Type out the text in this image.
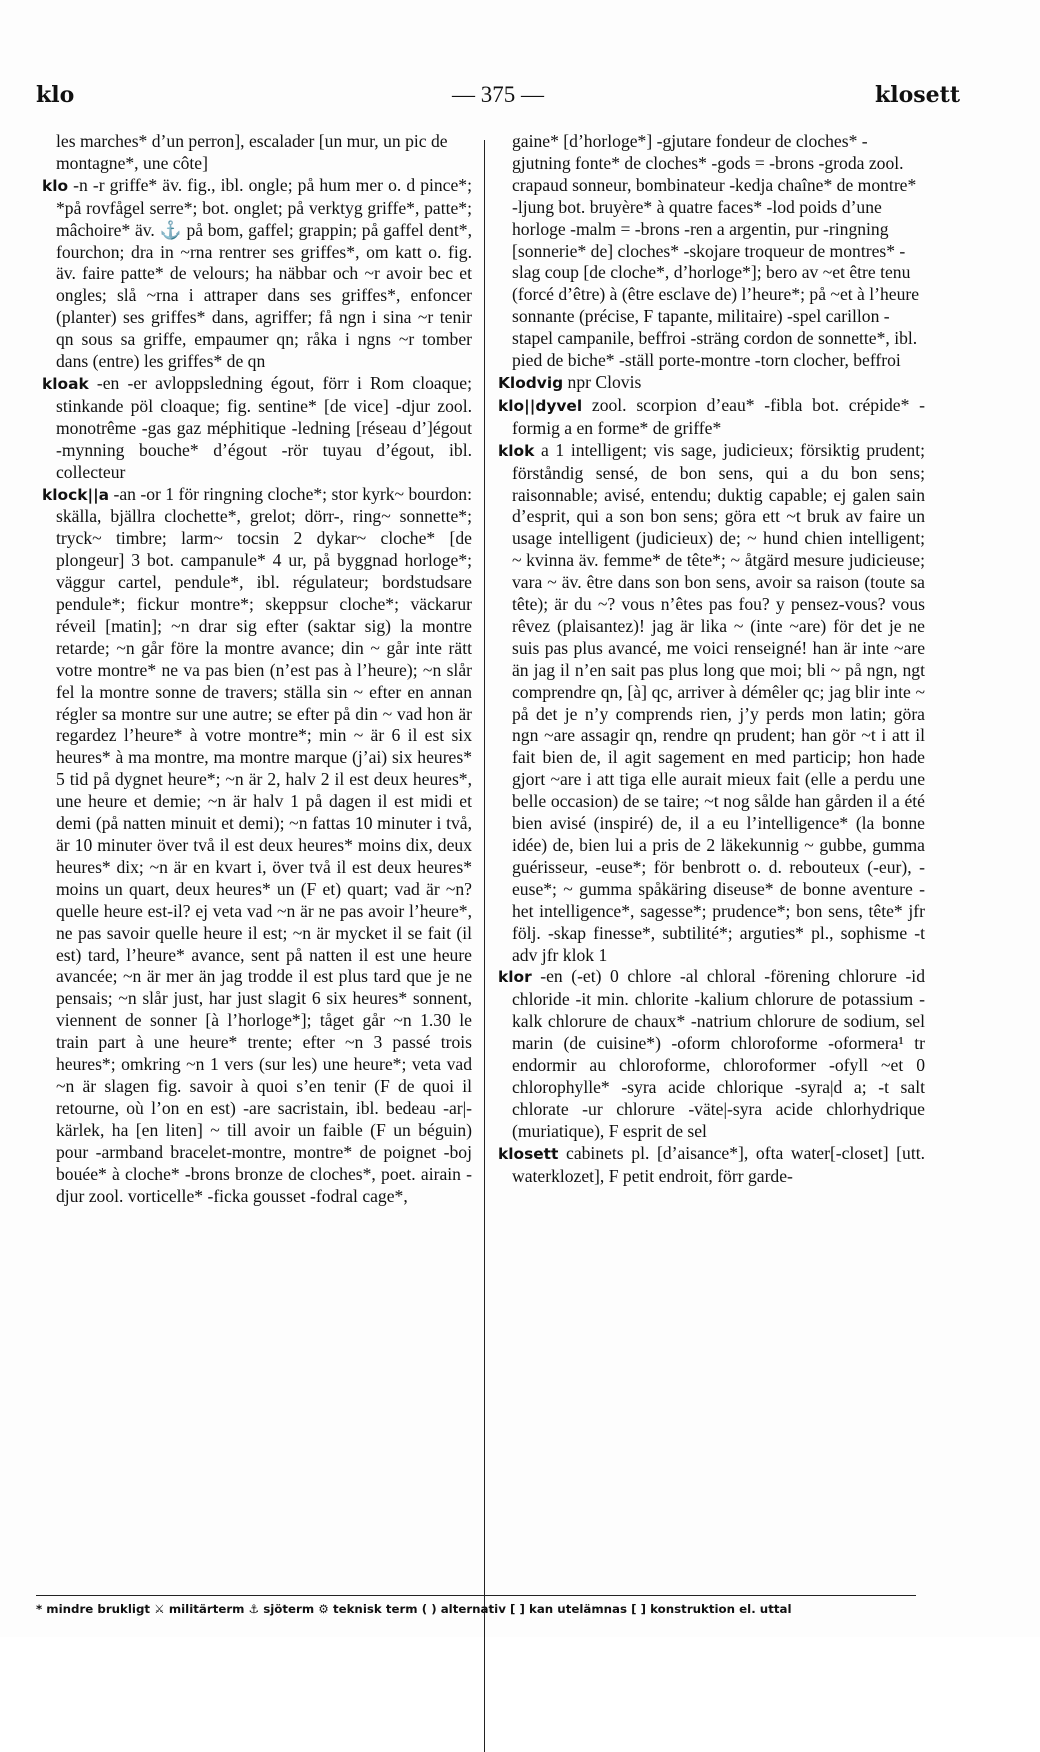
klo	— 375 —	klosett
les marches* d’un perron], escalader [un mur, un pic de montagne*, une côte]
klo -n -r griffe* äv. fig., ibl. ongle; på hum mer o. d pince*; *på rovfågel serre*; bot. onglet; på verktyg griffe*, patte*; mâchoire* äv. ⚓ på bom, gaffel; grappin; på gaffel dent*, fourchon; dra in ~rna rentrer ses griffes*, om katt o. fig. äv. faire patte* de velours; ha näbbar och ~r avoir bec et ongles; slå ~rna i attraper dans ses griffes*, enfoncer (planter) ses griffes* dans, agriffer; få ngn i sina ~r tenir qn sous sa griffe, empaumer qn; råka i ngns ~r tomber dans (entre) les griffes* de qn
kloak -en -er avloppsledning égout, förr i Rom cloaque; stinkande pöl cloaque; fig. sentine* [de vice] -djur zool. monotrême -gas gaz méphitique -ledning [réseau d’]égout -mynning bouche* d’égout -rör tuyau d’égout, ibl. collecteur
klock||a -an -or 1 för ringning cloche*; stor kyrk~ bourdon: skälla, bjällra clochette*, grelot; dörr-, ring~ sonnette*; tryck~ timbre; larm~ tocsin 2 dykar~ cloche* [de plongeur] 3 bot. campanule* 4 ur, på byggnad horloge*; väggur cartel, pendule*, ibl. régulateur; bordstudsare pendule*; fickur montre*; skeppsur cloche*; väckarur réveil [matin]; ~n drar sig efter (saktar sig) la montre retarde; ~n går före la montre avance; din ~ går inte rätt votre montre* ne va pas bien (n’est pas à l’heure); ~n slår fel la montre sonne de travers; ställa sin ~ efter en annan régler sa montre sur une autre; se efter på din ~ vad hon är regardez l’heure* à votre montre*; min ~ är 6 il est six heures* à ma montre, ma montre marque (j’ai) six heures* 5 tid på dygnet heure*; ~n är 2, halv 2 il est deux heures*, une heure et demie; ~n är halv 1 på dagen il est midi et demi (på natten minuit et demi); ~n fattas 10 minuter i två, är 10 minuter över två il est deux heures* moins dix, deux heures* dix; ~n är en kvart i, över två il est deux heures* moins un quart, deux heures* un (F et) quart; vad är ~n? quelle heure est-il? ej veta vad ~n är ne pas avoir l’heure*, ne pas savoir quelle heure il est; ~n är mycket il se fait (il est) tard, l’heure* avance, sent på natten il est une heure avancée; ~n är mer än jag trodde il est plus tard que je ne pensais; ~n slår just, har just slagit 6 six heures* sonnent, viennent de sonner [à l’horloge*]; tåget går ~n 1.30 le train part à une heure* trente; efter ~n 3 passé trois heures*; omkring ~n 1 vers (sur les) une heure*; veta vad ~n är slagen fig. savoir à quoi s’en tenir (F de quoi il retourne, où l’on en est) -are sacristain, ibl. bedeau -ar|-kärlek, ha [en liten] ~ till avoir un faible (F un béguin) pour -armband bracelet-montre, montre* de poignet -boj bouée* à cloche* -brons bronze de cloches*, poet. airain -djur zool. vorticelle* -ficka gousset -fodral cage*,
gaine* [d’horloge*] -gjutare fondeur de cloches* -gjutning fonte* de cloches* -gods = -brons -groda zool. crapaud sonneur, bombinateur -kedja chaîne* de montre* -ljung bot. bruyère* à quatre faces* -lod poids d’une horloge -malm = -brons -ren a argentin, pur -ringning [sonnerie* de] cloches* -skojare troqueur de montres* -slag coup [de cloche*, d’horloge*]; bero av ~et être tenu (forcé d’être) à (être esclave de) l’heure*; på ~et à l’heure sonnante (précise, F tapante, militaire) -spel carillon -stapel campanile, beffroi -sträng cordon de sonnette*, ibl. pied de biche* -ställ porte-montre -torn clocher, beffroi
Klodvig npr Clovis
klo||dyvel zool. scorpion d’eau* -fibla bot. crépide* -formig a en forme* de griffe*
klok a 1 intelligent; vis sage, judicieux; försiktig prudent; förståndig sensé, de bon sens, qui a du bon sens; raisonnable; avisé, entendu; duktig capable; ej galen sain d’esprit, qui a son bon sens; göra ett ~t bruk av faire un usage intelligent (judicieux) de; ~ hund chien intelligent; ~ kvinna äv. femme* de tête*; ~ åtgärd mesure judicieuse; vara ~ äv. être dans son bon sens, avoir sa raison (toute sa tête); är du ~? vous n’êtes pas fou? y pensez-vous? vous rêvez (plaisantez)! jag är lika ~ (inte ~are) för det je ne suis pas plus avancé, me voici renseigné! han är inte ~are än jag il n’en sait pas plus long que moi; bli ~ på ngn, ngt comprendre qn, [à] qc, arriver à démêler qc; jag blir inte ~ på det je n’y comprends rien, j’y perds mon latin; göra ngn ~are assagir qn, rendre qn prudent; han gör ~t i att il fait bien de, il agit sagement en med particip; hon hade gjort ~are i att tiga elle aurait mieux fait (elle a perdu une belle occasion) de se taire; ~t nog sålde han gården il a été bien avisé (inspiré) de, il a eu l’intelligence* (la bonne idée) de, bien lui a pris de 2 läkekunnig ~ gubbe, gumma guérisseur, -euse*; för benbrott o. d. rebouteux (-eur), -euse*; ~ gumma spåkäring diseuse* de bonne aventure -het intelligence*, sagesse*; prudence*; bon sens, tête* jfr följ. -skap finesse*, subtilité*; arguties* pl., sophisme -t adv jfr klok 1
klor -en (-et) 0 chlore -al chloral -förening chlorure -id chloride -it min. chlorite -kalium chlorure de potassium -kalk chlorure de chaux* -natrium chlorure de sodium, sel marin (de cuisine*) -oform chloroforme -oformera¹ tr endormir au chloroforme, chloroformer -ofyll ~et 0 chlorophylle* -syra acide chlorique -syra|d a; -t salt chlorate -ur chlorure -väte|-syra acide chlorhydrique (muriatique), F esprit de sel
klosett cabinets pl. [d’aisance*], ofta water[-closet] [utt. waterklozet], F petit endroit, förr garde-
* mindre brukligt ⚔ militärterm ⚓ sjöterm ⚙ teknisk term ( ) alternativ [ ] kan utelämnas [ ] konstruktion el. uttal
